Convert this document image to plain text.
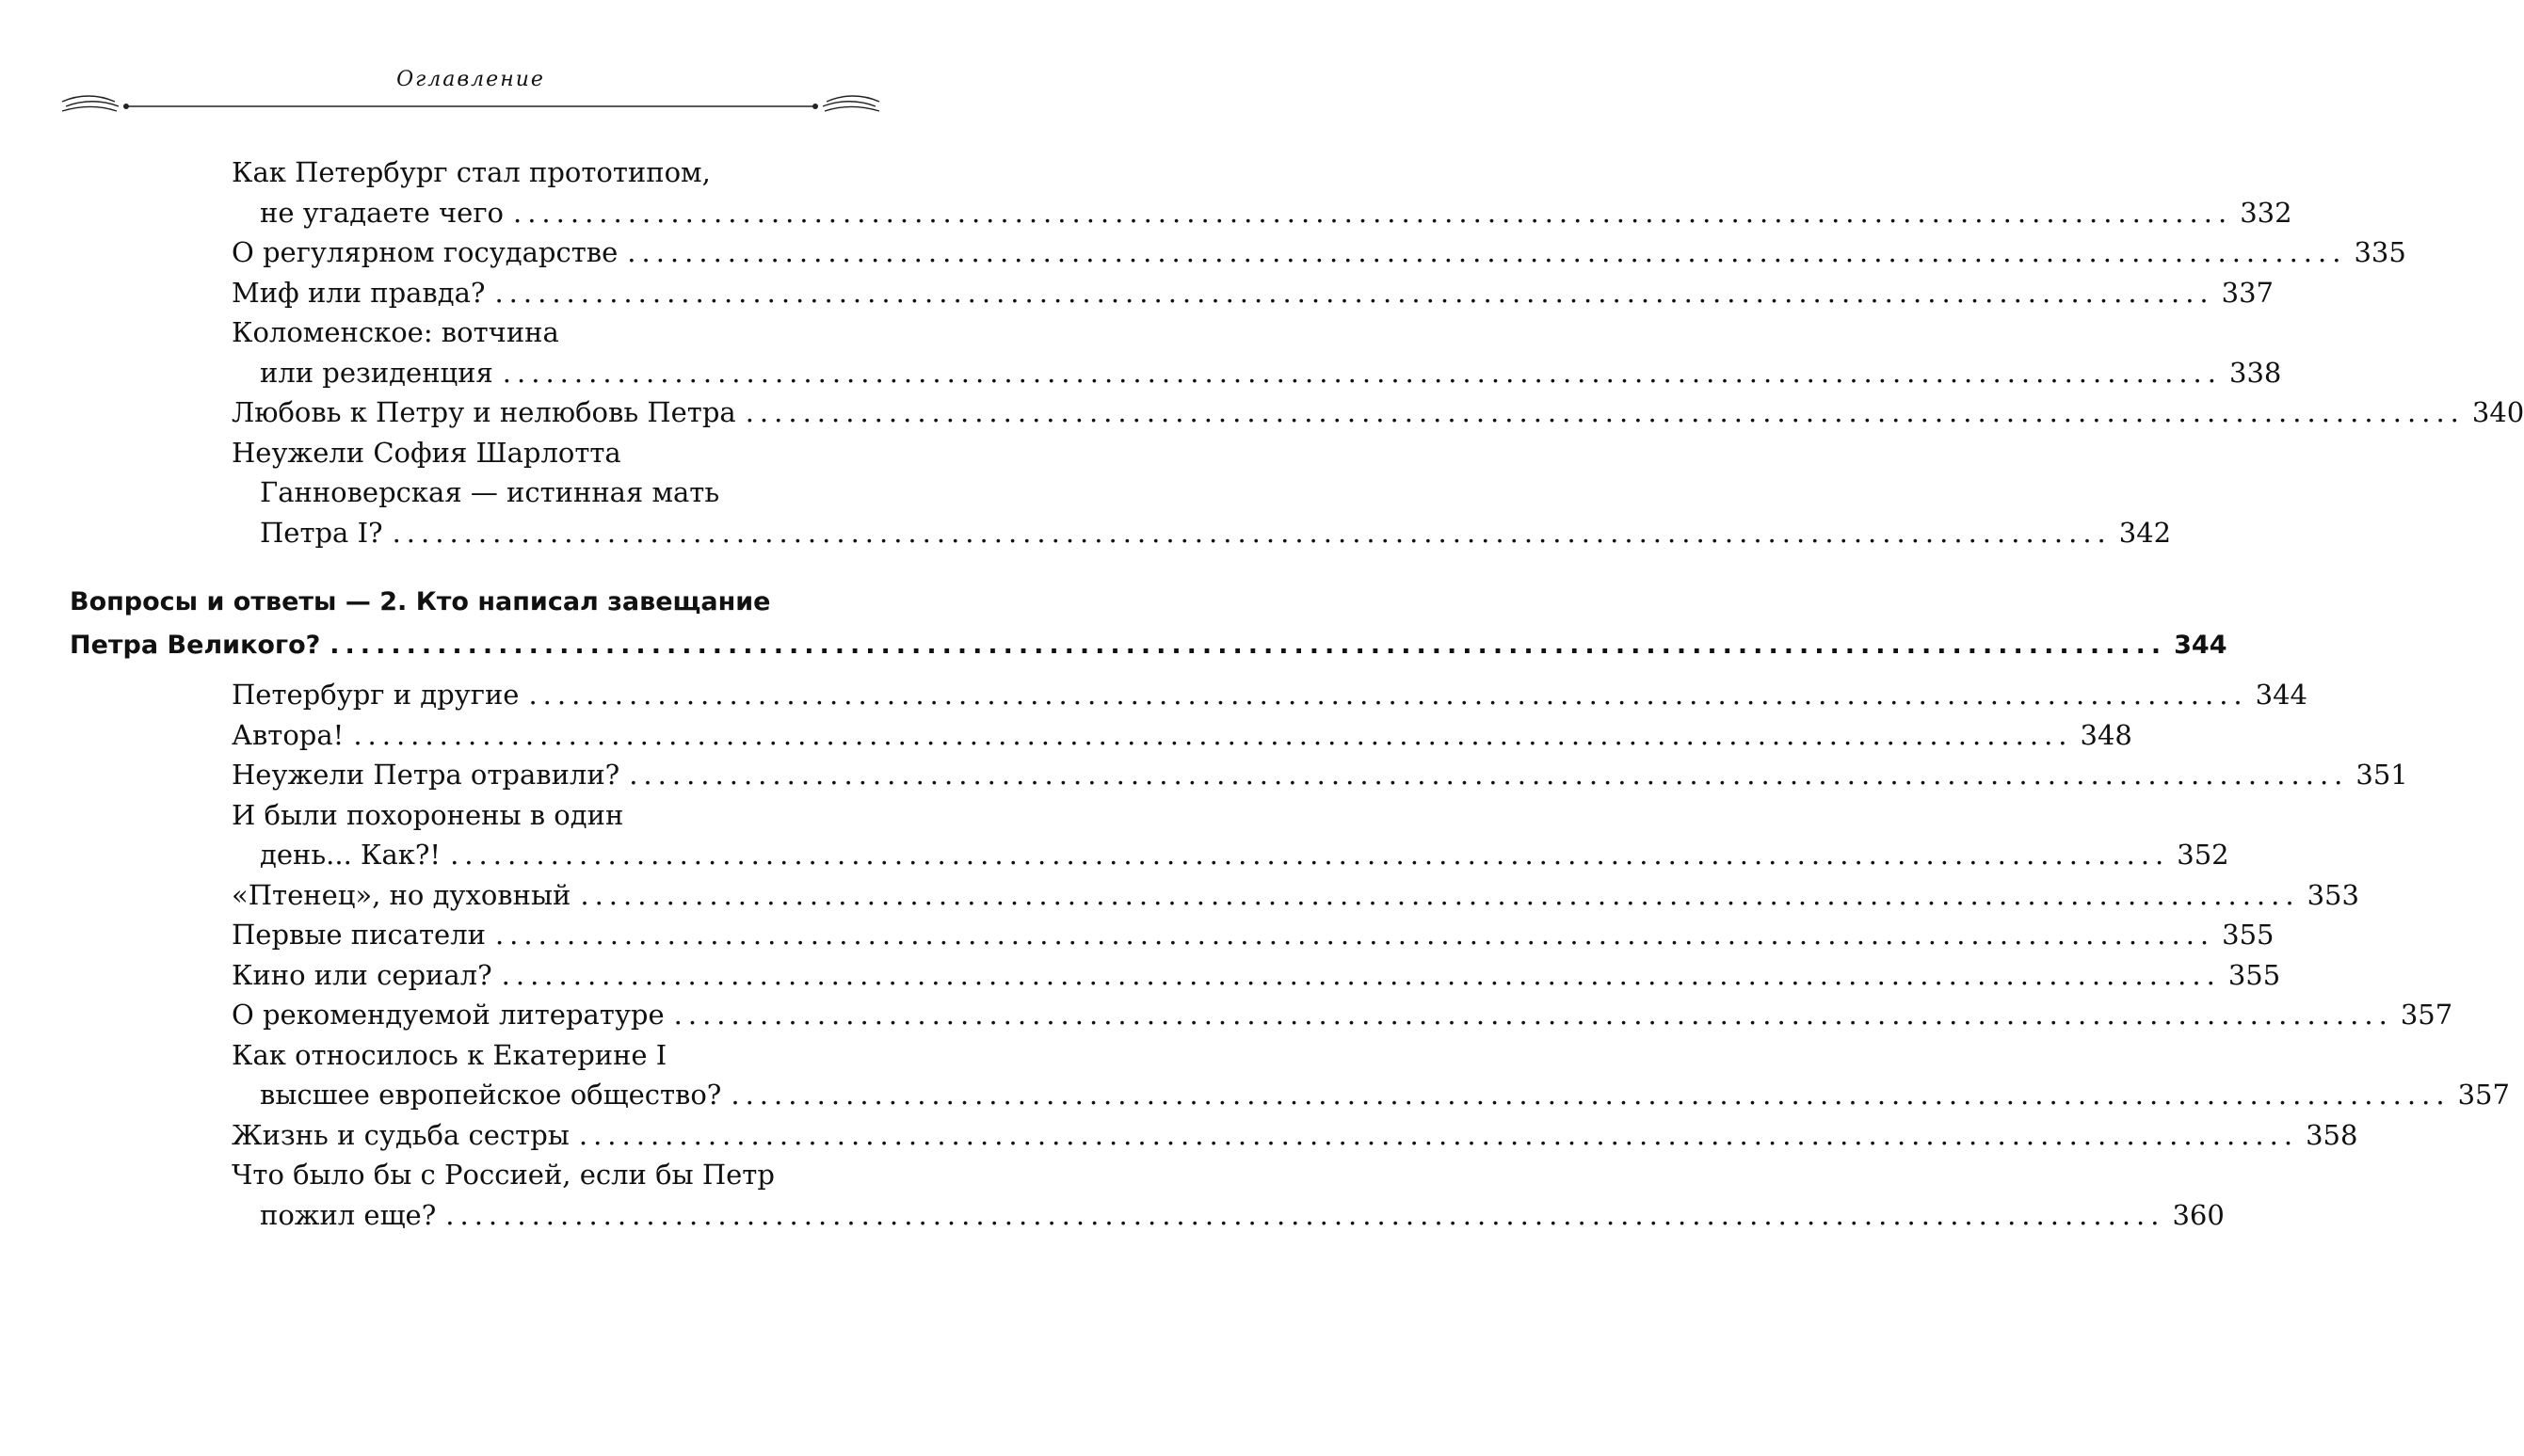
Оглавление
Как Петербург стал прототипом,
не угадаете чего ........................................................................................................................ 332
О регулярном государстве ........................................................................................................................ 335
Миф или правда? ........................................................................................................................ 337
Коломенское: вотчина
или резиденция ........................................................................................................................ 338
Любовь к Петру и нелюбовь Петра ........................................................................................................................ 340
Неужели София Шарлотта
Ганноверская — истинная мать
Петра I? ........................................................................................................................ 342
Вопросы и ответы — 2. Кто написал завещание
Петра Великого? ........................................................................................................................ 344
Петербург и другие ........................................................................................................................ 344
Автора! ........................................................................................................................ 348
Неужели Петра отравили? ........................................................................................................................ 351
И были похоронены в один
день... Как?! ........................................................................................................................ 352
«Птенец», но духовный ........................................................................................................................ 353
Первые писатели ........................................................................................................................ 355
Кино или сериал? ........................................................................................................................ 355
О рекомендуемой литературе ........................................................................................................................ 357
Как относилось к Екатерине I
высшее европейское общество? ........................................................................................................................ 357
Жизнь и судьба сестры ........................................................................................................................ 358
Что было бы с Россией, если бы Петр
пожил еще? ........................................................................................................................ 360
